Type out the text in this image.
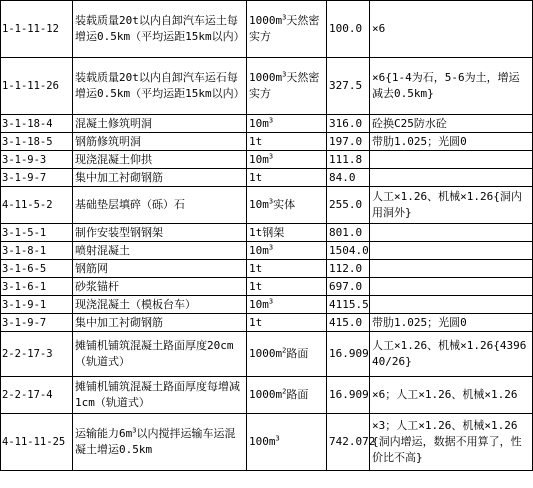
1-1-11-12	装载质量20t以内自卸汽车运土每增运0.5km（平均运距15km以内）	$1000m^3$天然密实方	100.0	×6
1-1-11-26	装载质量20t以内自卸汽车运石每增运0.5km（平均运距15km以内）	$1000m^3$天然密实方	327.5	×6{1-4为石，5-6为土，增运减去0.5km}
3-1-18-4	混凝土修筑明洞	$10m^3$	316.0	砼换C25防水砼
3-1-18-5	钢筋修筑明洞	1t	197.0	带肋1.025；光圆0
3-1-9-3	现浇混凝土仰拱	$10m^3$	111.8	
3-1-9-7	集中加工衬砌钢筋	1t	84.0	
4-11-5-2	基础垫层填碎（砾）石	$10m^3$实体	255.0	人工×1.26、机械×1.26{洞内用洞外}
3-1-5-1	制作安装型钢钢架	1t钢架	801.0	
3-1-8-1	喷射混凝土	$10m^3$	1504.0	
3-1-6-5	钢筋网	1t	112.0	
3-1-6-1	砂浆锚杆	1t	697.0	
3-1-9-1	现浇混凝土（模板台车）	$10m^3$	4115.5	
3-1-9-7	集中加工衬砌钢筋	1t	415.0	带肋1.025；光圆0
2-2-17-3	摊铺机铺筑混凝土路面厚度20cm（轨道式）	$1000m^2$路面	16.909	人工×1.26、机械×1.26{439640/26}
2-2-17-4	摊铺机铺筑混凝土路面厚度每增减1cm（轨道式）	$1000m^2$路面	16.909	×6；人工×1.26、机械×1.26
4-11-11-25	运输能力$6m^3$以内搅拌运输车运混凝土增运0.5km	$100m^3$	742.072	×3；人工×1.26、机械×1.26{洞内增运，数据不用算了，性价比不高}
